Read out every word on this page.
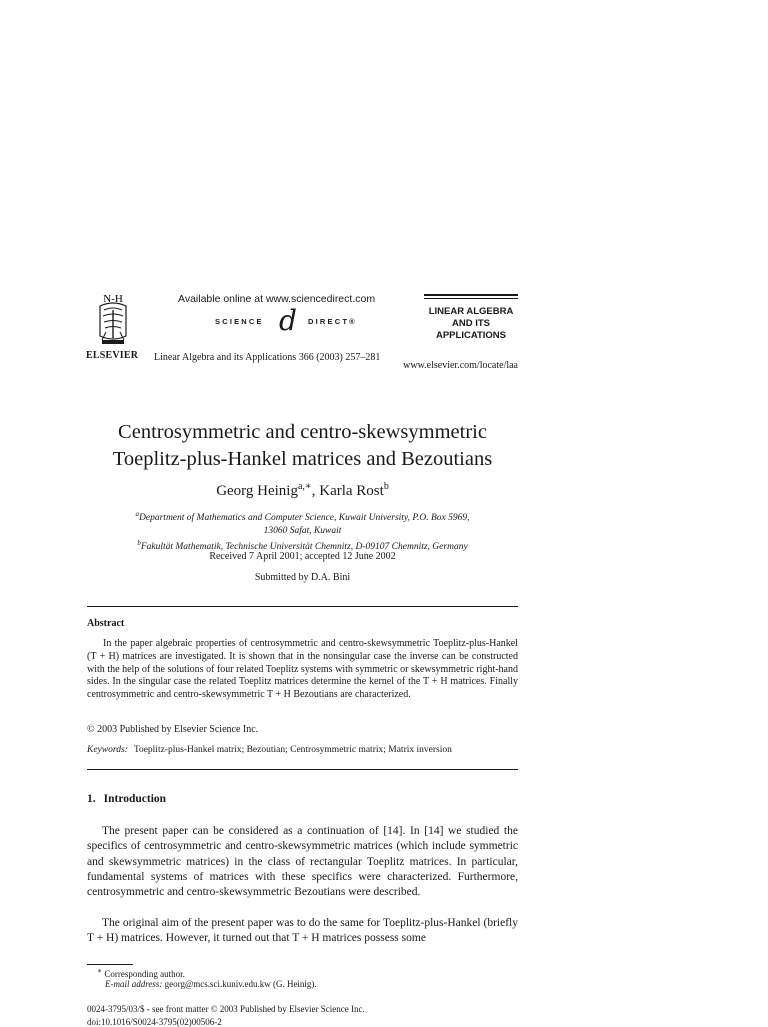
N-H
ELSEVIER
Available online at www.sciencedirect.com
SCIENCE d DIRECT®
Linear Algebra and its Applications 366 (2003) 257–281
LINEAR ALGEBRA
AND ITS
APPLICATIONS
www.elsevier.com/locate/laa
Centrosymmetric and centro-skewsymmetric
Toeplitz-plus-Hankel matrices and Bezoutians
Georg Heinig$^{a,∗}$, Karla Rost$^b$
$^a$Department of Mathematics and Computer Science, Kuwait University, P.O. Box 5969,
13060 Safat, Kuwait
$^b$Fakultät Mathematik, Technische Universität Chemnitz, D-09107 Chemnitz, Germany
Received 7 April 2001; accepted 12 June 2002
Submitted by D.A. Bini
Abstract
In the paper algebraic properties of centrosymmetric and centro-skewsymmetric Toeplitz-plus-Hankel (T + H) matrices are investigated. It is shown that in the nonsingular case the inverse can be constructed with the help of the solutions of four related Toeplitz systems with symmetric or skewsymmetric right-hand sides. In the singular case the related Toeplitz matrices determine the kernel of the T + H matrices. Finally centrosymmetric and centro-skewsymmetric T + H Bezoutians are characterized.
© 2003 Published by Elsevier Science Inc.
Keywords: Toeplitz-plus-Hankel matrix; Bezoutian; Centrosymmetric matrix; Matrix inversion
1. Introduction
The present paper can be considered as a continuation of [14]. In [14] we studied the specifics of centrosymmetric and centro-skewsymmetric matrices (which include symmetric and skewsymmetric matrices) in the class of rectangular Toeplitz matrices. In particular, fundamental systems of matrices with these specifics were characterized. Furthermore, centrosymmetric and centro-skewsymmetric Bezoutians were described.
The original aim of the present paper was to do the same for Toeplitz-plus-Hankel (briefly T + H) matrices. However, it turned out that T + H matrices possess some
∗ Corresponding author.
E-mail address: georg@mcs.sci.kuniv.edu.kw (G. Heinig).
0024-3795/03/$ - see front matter © 2003 Published by Elsevier Science Inc.
doi:10.1016/S0024-3795(02)00506-2
